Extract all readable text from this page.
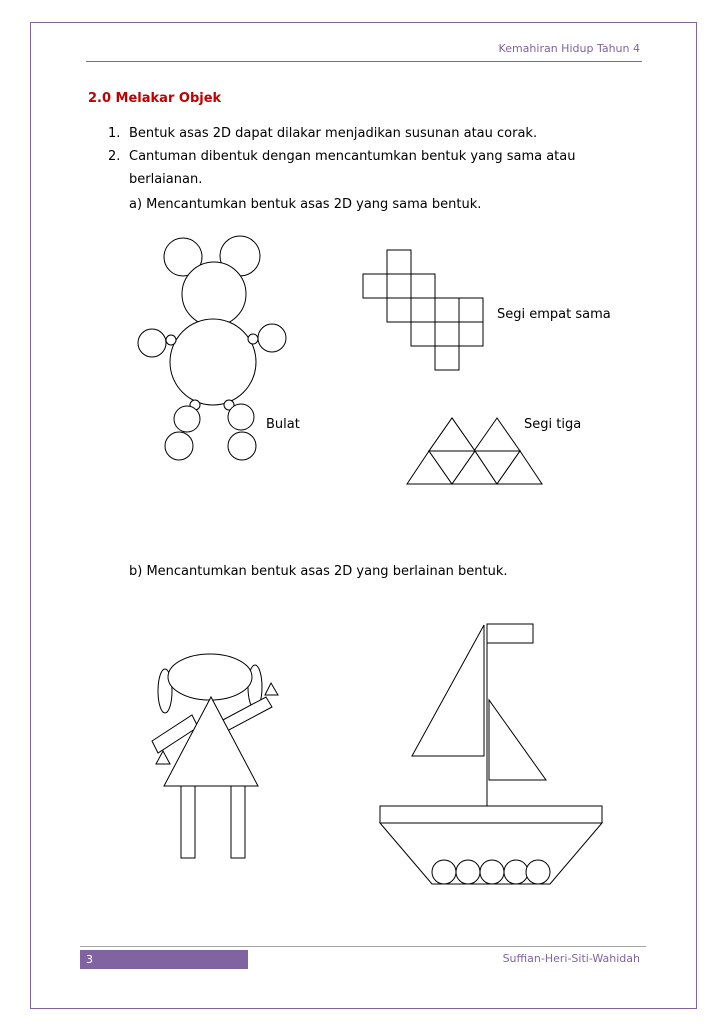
Kemahiran Hidup Tahun 4
2.0 Melakar Objek
1. Bentuk asas 2D dapat dilakar menjadikan susunan atau corak.
2. Cantuman dibentuk dengan mencantumkan bentuk yang sama atau
berlaianan.
a) Mencantumkan bentuk asas 2D yang sama bentuk.
Segi empat sama
Bulat	Segi tiga
b) Mencantumkan bentuk asas 2D yang berlainan bentuk.
3	Suffian-Heri-Siti-Wahidah
